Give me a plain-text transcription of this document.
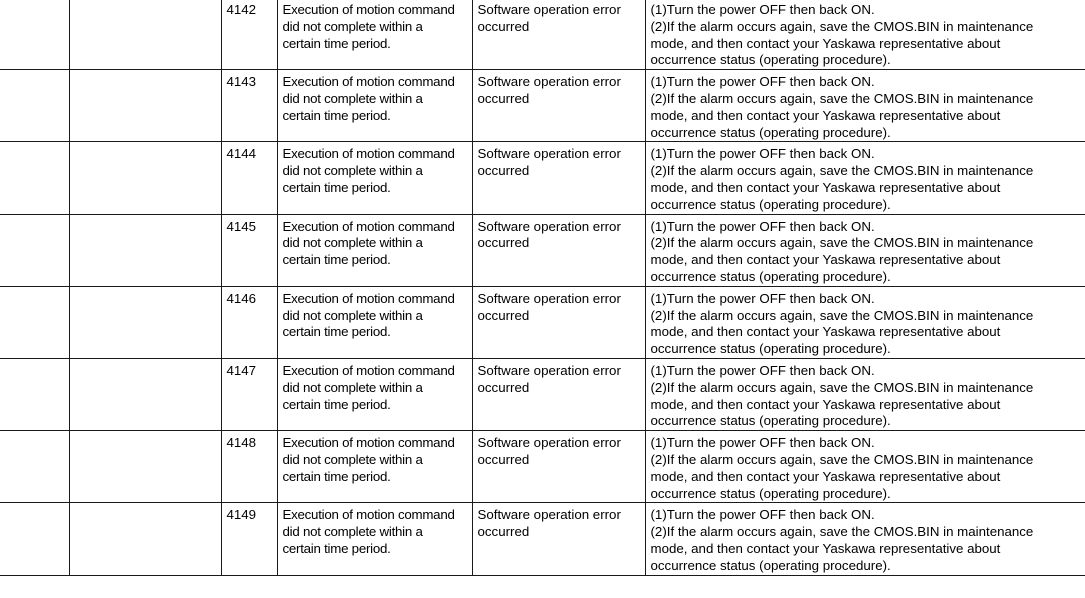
		4142	Execution of motion command
did not complete within a
certain time period.	Software operation error
occurred	(1)Turn the power OFF then back ON.
(2)If the alarm occurs again, save the CMOS.BIN in maintenance
mode, and then contact your Yaskawa representative about
occurrence status (operating procedure).

		4143	Execution of motion command
did not complete within a
certain time period.	Software operation error
occurred	(1)Turn the power OFF then back ON.
(2)If the alarm occurs again, save the CMOS.BIN in maintenance
mode, and then contact your Yaskawa representative about
occurrence status (operating procedure).

		4144	Execution of motion command
did not complete within a
certain time period.	Software operation error
occurred	(1)Turn the power OFF then back ON.
(2)If the alarm occurs again, save the CMOS.BIN in maintenance
mode, and then contact your Yaskawa representative about
occurrence status (operating procedure).

		4145	Execution of motion command
did not complete within a
certain time period.	Software operation error
occurred	(1)Turn the power OFF then back ON.
(2)If the alarm occurs again, save the CMOS.BIN in maintenance
mode, and then contact your Yaskawa representative about
occurrence status (operating procedure).

		4146	Execution of motion command
did not complete within a
certain time period.	Software operation error
occurred	(1)Turn the power OFF then back ON.
(2)If the alarm occurs again, save the CMOS.BIN in maintenance
mode, and then contact your Yaskawa representative about
occurrence status (operating procedure).

		4147	Execution of motion command
did not complete within a
certain time period.	Software operation error
occurred	(1)Turn the power OFF then back ON.
(2)If the alarm occurs again, save the CMOS.BIN in maintenance
mode, and then contact your Yaskawa representative about
occurrence status (operating procedure).

		4148	Execution of motion command
did not complete within a
certain time period.	Software operation error
occurred	(1)Turn the power OFF then back ON.
(2)If the alarm occurs again, save the CMOS.BIN in maintenance
mode, and then contact your Yaskawa representative about
occurrence status (operating procedure).

		4149	Execution of motion command
did not complete within a
certain time period.	Software operation error
occurred	(1)Turn the power OFF then back ON.
(2)If the alarm occurs again, save the CMOS.BIN in maintenance
mode, and then contact your Yaskawa representative about
occurrence status (operating procedure).
